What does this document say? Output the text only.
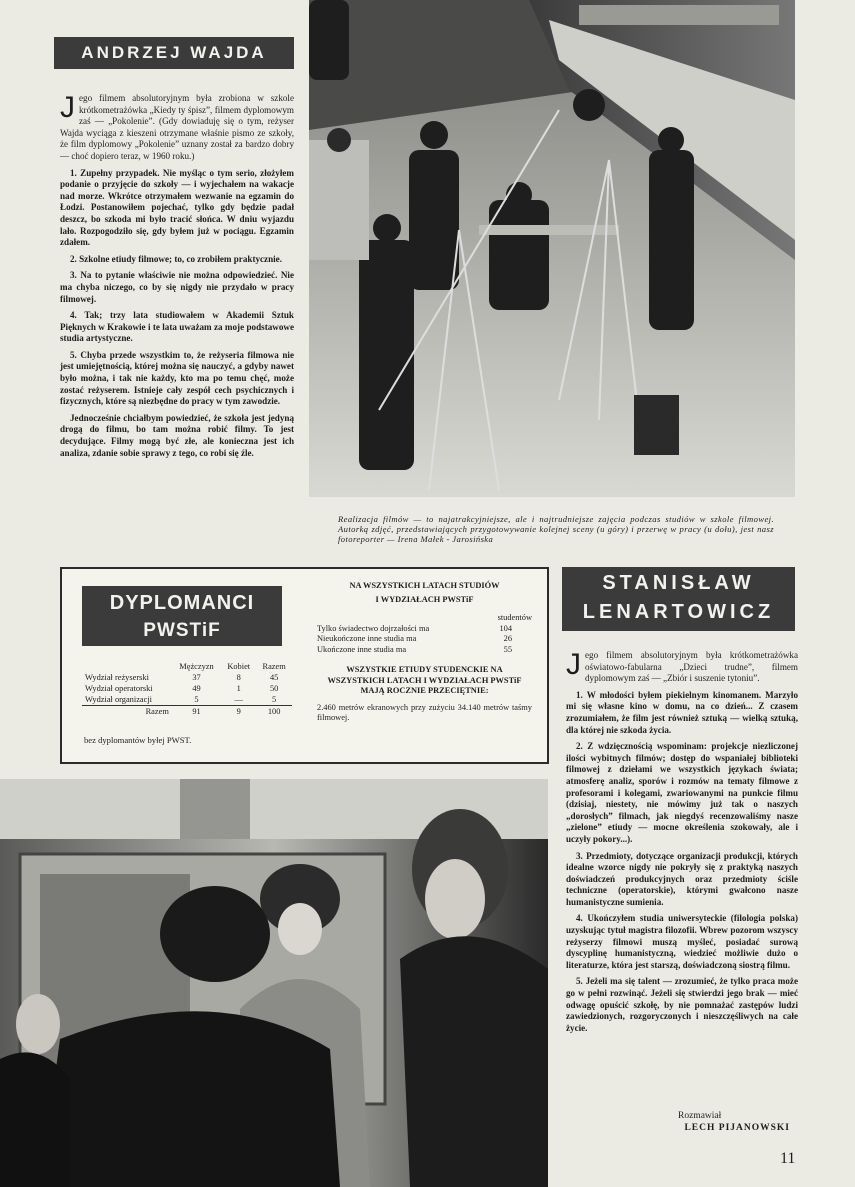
ANDRZEJ WAJDA

Jego filmem absolutoryjnym była zrobiona w szkole krótkometrażówka „Kiedy ty śpisz”, filmem dyplomowym zaś — „Pokolenie”. (Gdy dowiaduję się o tym, reżyser Wajda wyciąga z kieszeni otrzymane właśnie pismo ze szkoły, że film dyplomowy „Pokolenie” uznany został za bardzo dobry — choć dopiero teraz, w 1960 roku.)

1. Zupełny przypadek. Nie myśląc o tym serio, złożyłem podanie o przyjęcie do szkoły — i wyjechałem na wakacje nad morze. Wkrótce otrzymałem wezwanie na egzamin do Łodzi. Postanowiłem pojechać, tylko gdy będzie padał deszcz, bo szkoda mi było tracić słońca. W dniu wyjazdu lało. Rozpogodziło się, gdy byłem już w pociągu. Egzamin zdałem.

2. Szkolne etiudy filmowe; to, co zrobiłem praktycznie.

3. Na to pytanie właściwie nie można odpowiedzieć. Nie ma chyba niczego, co by się nigdy nie przydało w pracy filmowej.

4. Tak; trzy lata studiowałem w Akademii Sztuk Pięknych w Krakowie i te lata uważam za moje podstawowe studia artystyczne.

5. Chyba przede wszystkim to, że reżyseria filmowa nie jest umiejętnością, której można się nauczyć, a gdyby nawet było można, i tak nie każdy, kto ma po temu chęć, może zostać reżyserem. Istnieje cały zespół cech psychicznych i fizycznych, które są niezbędne do pracy w tym zawodzie.

Jednocześnie chciałbym powiedzieć, że szkoła jest jedyną drogą do filmu, bo tam można robić filmy. To jest decydujące. Filmy mogą być złe, ale konieczna jest ich analiza, zdanie sobie sprawy z tego, co robi się źle.

Realizacja filmów — to najatrakcyjniejsze, ale i najtrudniejsze zajęcia podczas studiów w szkole filmowej. Autorką zdjęć, przedstawiających przygotowywanie kolejnej sceny (u góry) i przerwę w pracy (u dołu), jest nasz fotoreporter — Irena Małek - Jarosińska
DYPLOMANCI
PWSTiF
	Mężczyzn	Kobiet	Razem
Wydział reżyserski	37	8	45
Wydział operatorski	49	1	50
Wydział organizacji	5	—	5
Razem	91	9	100
bez dyplomantów byłej PWST.
NA WSZYSTKICH LATACH STUDIÓW
I WYDZIAŁACH PWSTiF
studentów
Tylko świadectwo dojrzałości ma	104
Nieukończone inne studia ma	26
Ukończone inne studia ma	55
WSZYSTKIE ETIUDY STUDENCKIE NA WSZYSTKICH LATACH I WYDZIAŁACH PWSTiF MAJĄ ROCZNIE PRZECIĘTNIE:
2.460 metrów ekranowych przy zużyciu 34.140 metrów taśmy filmowej.
STANISŁAW
LENARTOWICZ

Jego filmem absolutoryjnym była krótkometrażówka oświatowo-fabularna „Dzieci trudne”, filmem dyplomowym zaś — „Zbiór i suszenie tytoniu”.

1. W młodości byłem piekielnym kinomanem. Marzyło mi się własne kino w domu, na co dzień... Z czasem zrozumiałem, że film jest również sztuką — wielką sztuką, dla której nie szkoda życia.

2. Z wdzięcznością wspominam: projekcje niezliczonej ilości wybitnych filmów; dostęp do wspaniałej biblioteki filmowej z dziełami we wszystkich językach świata; atmosferę analiz, sporów i rozmów na tematy filmowe z profesorami i kolegami, zwariowanymi na punkcie filmu (dzisiaj, niestety, nie mówimy już tak o naszych „dorosłych” filmach, jak niegdyś recenzowaliśmy nasze „zielone” etiudy — mocne określenia szokowały, ale i uczyły pokory...).

3. Przedmioty, dotyczące organizacji produkcji, których idealne wzorce nigdy nie pokryły się z praktyką naszych doświadczeń produkcyjnych oraz przedmioty ściśle techniczne (operatorskie), którymi gwałcono nasze humanistyczne sumienia.

4. Ukończyłem studia uniwersyteckie (filologia polska) uzyskując tytuł magistra filozofii. Wbrew pozorom wszyscy reżyserzy filmowi muszą myśleć, posiadać surową dyscyplinę humanistyczną, wiedzieć możliwie dużo o literaturze, która jest starszą, doświadczoną siostrą filmu.

5. Jeżeli ma się talent — zrozumieć, że tylko praca może go w pełni rozwinąć. Jeżeli się stwierdzi jego brak — mieć odwagę opuścić szkołę, by nie pomnażać zastępów ludzi zawiedzionych, rozgoryczonych i nieszczęśliwych na całe życie.

Rozmawiał
LECH PIJANOWSKI
11
